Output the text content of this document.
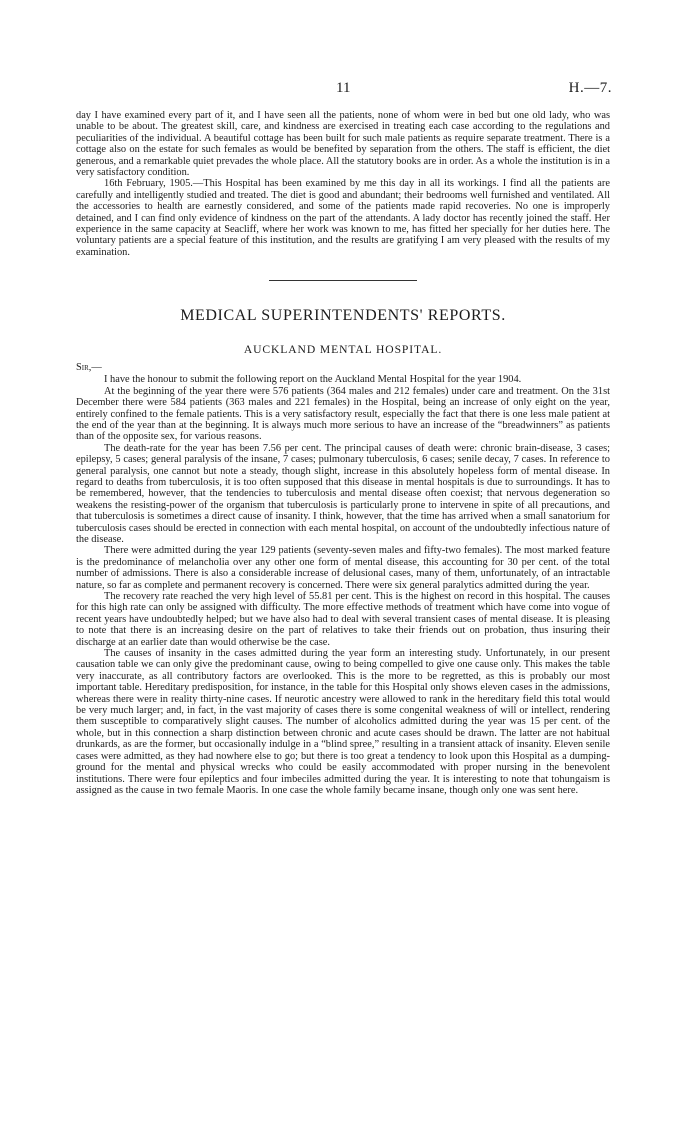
11	H.—7.

day I have examined every part of it, and I have seen all the patients, none of whom were in bed but one old lady, who was unable to be about. The greatest skill, care, and kindness are exercised in treating each case according to the regulations and peculiarities of the individual. A beautiful cottage has been built for such male patients as require separate treatment. There is a cottage also on the estate for such females as would be benefited by separation from the others. The staff is efficient, the diet generous, and a remarkable quiet prevades the whole place. All the statutory books are in order. As a whole the institution is in a very satisfactory condition.

16th February, 1905.—This Hospital has been examined by me this day in all its workings. I find all the patients are carefully and intelligently studied and treated. The diet is good and abundant; their bedrooms well furnished and ventilated. All the accessories to health are earnestly considered, and some of the patients made rapid recoveries. No one is improperly detained, and I can find only evidence of kindness on the part of the attendants. A lady doctor has recently joined the staff. Her experience in the same capacity at Seacliff, where her work was known to me, has fitted her specially for her duties here. The voluntary patients are a special feature of this institution, and the results are gratifying I am very pleased with the results of my examination.

MEDICAL SUPERINTENDENTS' REPORTS.
AUCKLAND MENTAL HOSPITAL.

Sir,—

I have the honour to submit the following report on the Auckland Mental Hospital for the year 1904.

At the beginning of the year there were 576 patients (364 males and 212 females) under care and treatment. On the 31st December there were 584 patients (363 males and 221 females) in the Hospital, being an increase of only eight on the year, entirely confined to the female patients. This is a very satisfactory result, especially the fact that there is one less male patient at the end of the year than at the beginning. It is always much more serious to have an increase of the “breadwinners” as patients than of the opposite sex, for various reasons.

The death-rate for the year has been 7.56 per cent. The principal causes of death were: chronic brain-disease, 3 cases; epilepsy, 5 cases; general paralysis of the insane, 7 cases; pulmonary tuberculosis, 6 cases; senile decay, 7 cases. In reference to general paralysis, one cannot but note a steady, though slight, increase in this absolutely hopeless form of mental disease. In regard to deaths from tuberculosis, it is too often supposed that this disease in mental hospitals is due to surroundings. It has to be remembered, however, that the tendencies to tuberculosis and mental disease often coexist; that nervous degeneration so weakens the resisting-power of the organism that tuberculosis is particularly prone to intervene in spite of all precautions, and that tuberculosis is sometimes a direct cause of insanity. I think, however, that the time has arrived when a small sanatorium for tuberculosis cases should be erected in connection with each mental hospital, on account of the undoubtedly infectious nature of the disease.

There were admitted during the year 129 patients (seventy-seven males and fifty-two females). The most marked feature is the predominance of melancholia over any other one form of mental disease, this accounting for 30 per cent. of the total number of admissions. There is also a considerable increase of delusional cases, many of them, unfortunately, of an intractable nature, so far as complete and permanent recovery is concerned. There were six general paralytics admitted during the year.

The recovery rate reached the very high level of 55.81 per cent. This is the highest on record in this hospital. The causes for this high rate can only be assigned with difficulty. The more effective methods of treatment which have come into vogue of recent years have undoubtedly helped; but we have also had to deal with several transient cases of mental disease. It is pleasing to note that there is an increasing desire on the part of relatives to take their friends out on probation, thus insuring their discharge at an earlier date than would otherwise be the case.

The causes of insanity in the cases admitted during the year form an interesting study. Unfortunately, in our present causation table we can only give the predominant cause, owing to being compelled to give one cause only. This makes the table very inaccurate, as all contributory factors are overlooked. This is the more to be regretted, as this is probably our most important table. Hereditary predisposition, for instance, in the table for this Hospital only shows eleven cases in the admissions, whereas there were in reality thirty-nine cases. If neurotic ancestry were allowed to rank in the hereditary field this total would be very much larger; and, in fact, in the vast majority of cases there is some congenital weakness of will or intellect, rendering them susceptible to comparatively slight causes. The number of alcoholics admitted during the year was 15 per cent. of the whole, but in this connection a sharp distinction between chronic and acute cases should be drawn. The latter are not habitual drunkards, as are the former, but occasionally indulge in a “blind spree,” resulting in a transient attack of insanity. Eleven senile cases were admitted, as they had nowhere else to go; but there is too great a tendency to look upon this Hospital as a dumping-ground for the mental and physical wrecks who could be easily accommodated with proper nursing in the benevolent institutions. There were four epileptics and four imbeciles admitted during the year. It is interesting to note that tohungaism is assigned as the cause in two female Maoris. In one case the whole family became insane, though only one was sent here.
